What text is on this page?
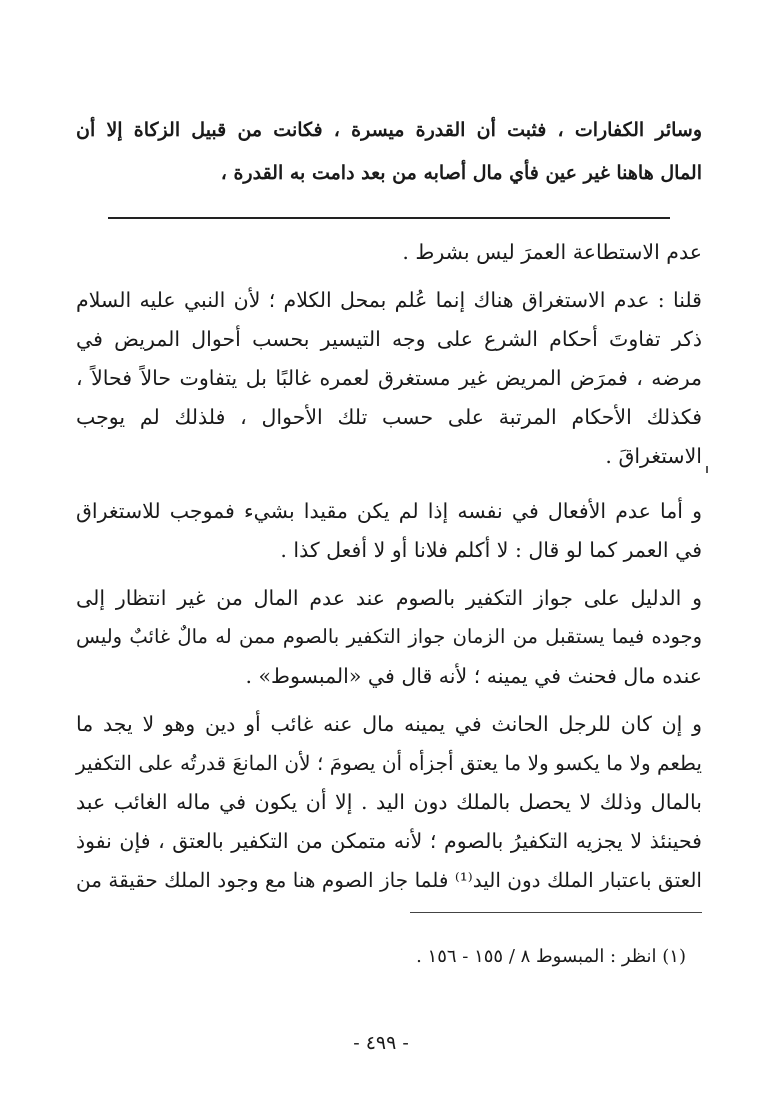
وسائر الكفارات ، فثبت أن القدرة ميسرة ، فكانت من قبيل الزكاة إلا أن
المال هاهنا غير عين فأي مال أصابه من بعد دامت به القدرة ،
عدم الاستطاعة العمرَ ليس بشرط .
قلنا : عدم الاستغراق هناك إنما عُلم بمحل الكلام ؛ لأن النبي عليه السلام
ذكر تفاوتَ أحكام الشرع على وجه التيسير بحسب أحوال المريض في
مرضه ، فمرَض المريض غير مستغرق لعمره غالبًا بل يتفاوت حالاً فحالاً ،
فكذلك الأحكام المرتبة على حسب تلك الأحوال ، فلذلك لم يوجب
الاستغراقَ .
و أما عدم الأفعال في نفسه إذا لم يكن مقيدا بشيء فموجب للاستغراق
في العمر كما لو قال : لا أكلم فلانا أو لا أفعل كذا .
و الدليل على جواز التكفير بالصوم عند عدم المال من غير انتظار إلى
وجوده فيما يستقبل من الزمان جواز التكفير بالصوم ممن له مالٌ غائبٌ وليس
عنده مال فحنث في يمينه ؛ لأنه قال في «المبسوط» .
و إن كان للرجل الحانث في يمينه مال عنه غائب أو دين وهو لا يجد ما
يطعم ولا ما يكسو ولا ما يعتق أجزأه أن يصومَ ؛ لأن المانعَ قدرتُه على التكفير
بالمال وذلك لا يحصل بالملك دون اليد . إلا أن يكون في ماله الغائب عبد
فحينئذ لا يجزيه التكفيرُ بالصوم ؛ لأنه متمكن من التكفير بالعتق ، فإن نفوذ
العتق باعتبار الملك دون اليد⁽¹⁾ فلما جاز الصوم هنا مع وجود الملك حقيقة من
(١) انظر : المبسوط ٨ / ١٥٥ - ١٥٦ .
- ٤٩٩ -
